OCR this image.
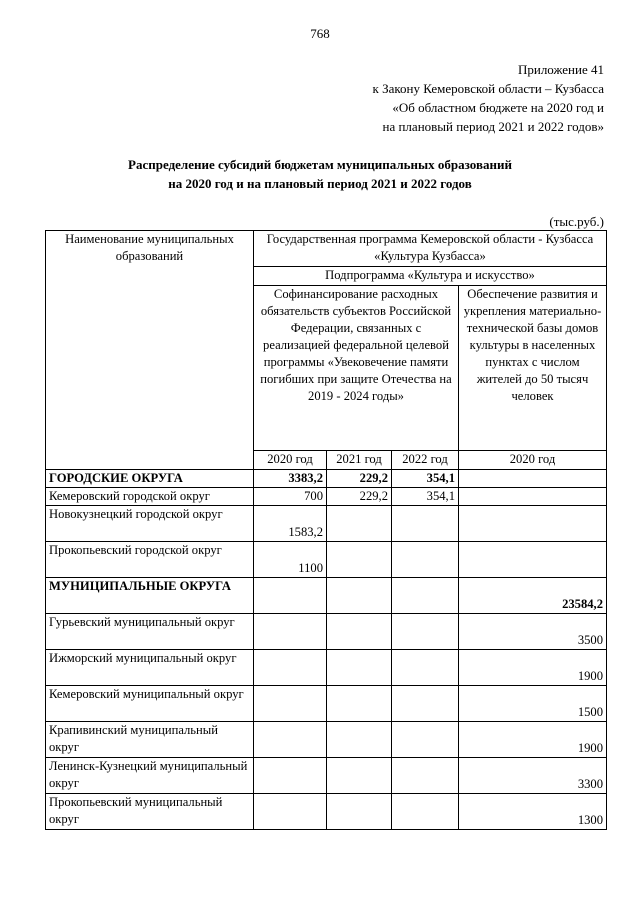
768
Приложение 41
к Закону Кемеровской области – Кузбасса
«Об областном бюджете на 2020 год и
на плановый период 2021 и 2022 годов»
Распределение субсидий бюджетам муниципальных образований
на 2020 год и на плановый период 2021 и 2022 годов
(тыс.руб.)
Наименование муниципальных образований	Государственная программа Кемеровской области - Кузбасса «Культура Кузбасса»			
	Подпрограмма «Культура и искусство»			
	Софинансирование расходных обязательств субъектов Российской Федерации, связанных с реализацией федеральной целевой программы «Увековечение памяти погибших при защите Отечества на 2019 - 2024 годы»			Обеспечение развития и укрепления материально-технической базы домов культуры в населенных пунктах с числом жителей до 50 тысяч человек
	2020 год	2021 год	2022 год	2020 год
ГОРОДСКИЕ ОКРУГА	3383,2	229,2	354,1	
Кемеровский городской округ	700	229,2	354,1	
Новокузнецкий городской округ	1583,2			
Прокопьевский городской округ	1100			
МУНИЦИПАЛЬНЫЕ ОКРУГА				23584,2
Гурьевский муниципальный округ				3500
Ижморский муниципальный округ				1900
Кемеровский муниципальный округ				1500
Крапивинский муниципальный округ				1900
Ленинск-Кузнецкий муниципальный округ				3300
Прокопьевский муниципальный округ				1300
